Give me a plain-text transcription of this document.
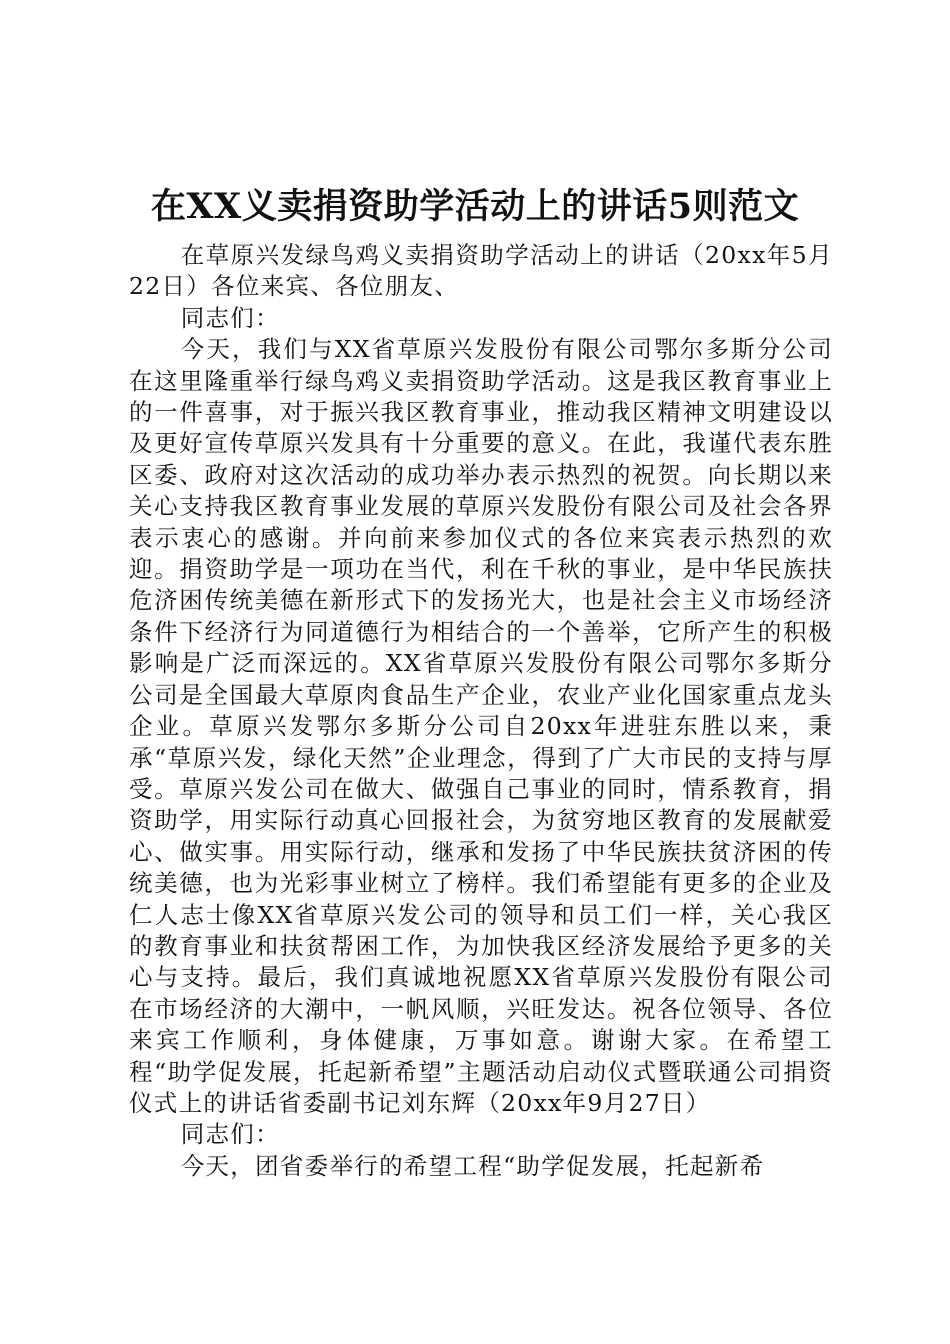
在XX义卖捐资助学活动上的讲话5则范文

在草原兴发绿鸟鸡义卖捐资助学活动上的讲话（20xx年5月22日）各位来宾、各位朋友、

同志们：

今天，我们与XX省草原兴发股份有限公司鄂尔多斯分公司在这里隆重举行绿鸟鸡义卖捐资助学活动。这是我区教育事业上的一件喜事，对于振兴我区教育事业，推动我区精神文明建设以及更好宣传草原兴发具有十分重要的意义。在此，我谨代表东胜区委、政府对这次活动的成功举办表示热烈的祝贺。向长期以来关心支持我区教育事业发展的草原兴发股份有限公司及社会各界表示衷心的感谢。并向前来参加仪式的各位来宾表示热烈的欢迎。捐资助学是一项功在当代，利在千秋的事业，是中华民族扶危济困传统美德在新形式下的发扬光大，也是社会主义市场经济条件下经济行为同道德行为相结合的一个善举，它所产生的积极影响是广泛而深远的。XX省草原兴发股份有限公司鄂尔多斯分公司是全国最大草原肉食品生产企业，农业产业化国家重点龙头企业。草原兴发鄂尔多斯分公司自20xx年进驻东胜以来，秉承“草原兴发，绿化天然”企业理念，得到了广大市民的支持与厚受。草原兴发公司在做大、做强自己事业的同时，情系教育，捐资助学，用实际行动真心回报社会，为贫穷地区教育的发展献爱心、做实事。用实际行动，继承和发扬了中华民族扶贫济困的传统美德，也为光彩事业树立了榜样。我们希望能有更多的企业及仁人志士像XX省草原兴发公司的领导和员工们一样，关心我区的教育事业和扶贫帮困工作，为加快我区经济发展给予更多的关心与支持。最后，我们真诚地祝愿XX省草原兴发股份有限公司在市场经济的大潮中，一帆风顺，兴旺发达。祝各位领导、各位来宾工作顺利，身体健康，万事如意。谢谢大家。在希望工程“助学促发展，托起新希望”主题活动启动仪式暨联通公司捐资仪式上的讲话省委副书记刘东辉（20xx年9月27日）

同志们：

今天，团省委举行的希望工程“助学促发展，托起新希
